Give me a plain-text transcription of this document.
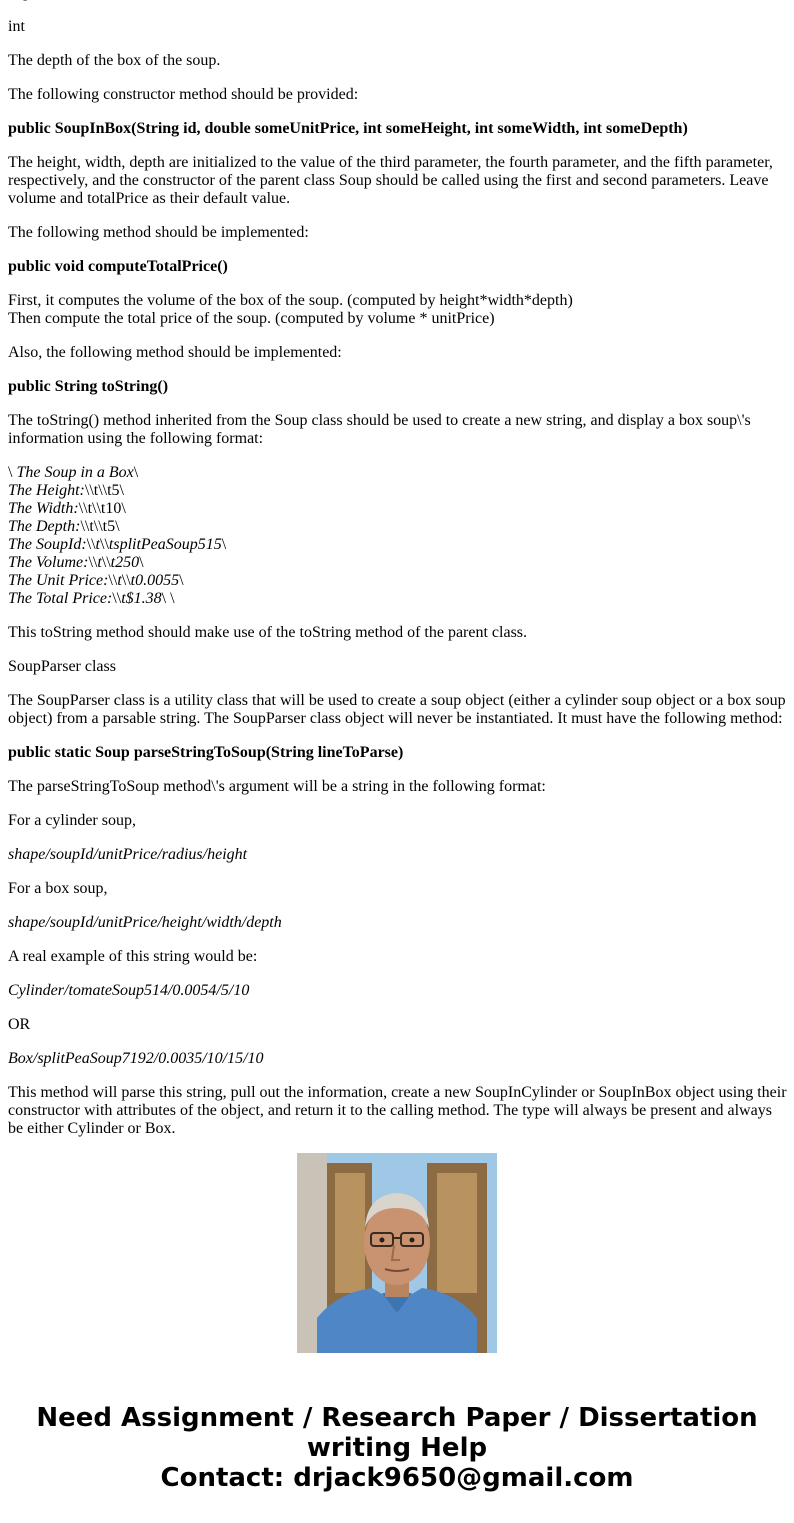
int

The depth of the box of the soup.

The following constructor method should be provided:

public SoupInBox(String id, double someUnitPrice, int someHeight, int someWidth, int someDepth)

The height, width, depth are initialized to the value of the third parameter, the fourth parameter, and the fifth parameter, respectively, and the constructor of the parent class Soup should be called using the first and second parameters. Leave volume and totalPrice as their default value.

The following method should be implemented:

public void computeTotalPrice()

First, it computes the volume of the box of the soup. (computed by height*width*depth)
Then compute the total price of the soup. (computed by volume * unitPrice)

Also, the following method should be implemented:

public String toString()

The toString() method inherited from the Soup class should be used to create a new string, and display a box soup\'s information using the following format:

\ The Soup in a Box\
The Height:\\t\\t5\
The Width:\\t\\t10\
The Depth:\\t\\t5\
The SoupId:\\t\\tsplitPeaSoup515\
The Volume:\\t\\t250\
The Unit Price:\\t\\t0.0055\
The Total Price:\\t$1.38\ \

This toString method should make use of the toString method of the parent class.

SoupParser class

The SoupParser class is a utility class that will be used to create a soup object (either a cylinder soup object or a box soup object) from a parsable string. The SoupParser class object will never be instantiated. It must have the following method:

public static Soup parseStringToSoup(String lineToParse)

The parseStringToSoup method\'s argument will be a string in the following format:

For a cylinder soup,

shape/soupId/unitPrice/radius/height

For a box soup,

shape/soupId/unitPrice/height/width/depth

A real example of this string would be:

Cylinder/tomateSoup514/0.0054/5/10

OR

Box/splitPeaSoup7192/0.0035/10/15/10

This method will parse this string, pull out the information, create a new SoupInCylinder or SoupInBox object using their constructor with attributes of the object, and return it to the calling method. The type will always be present and always be either Cylinder or Box.

Need Assignment / Research Paper / Dissertation
writing Help
Contact: drjack9650@gmail.com
